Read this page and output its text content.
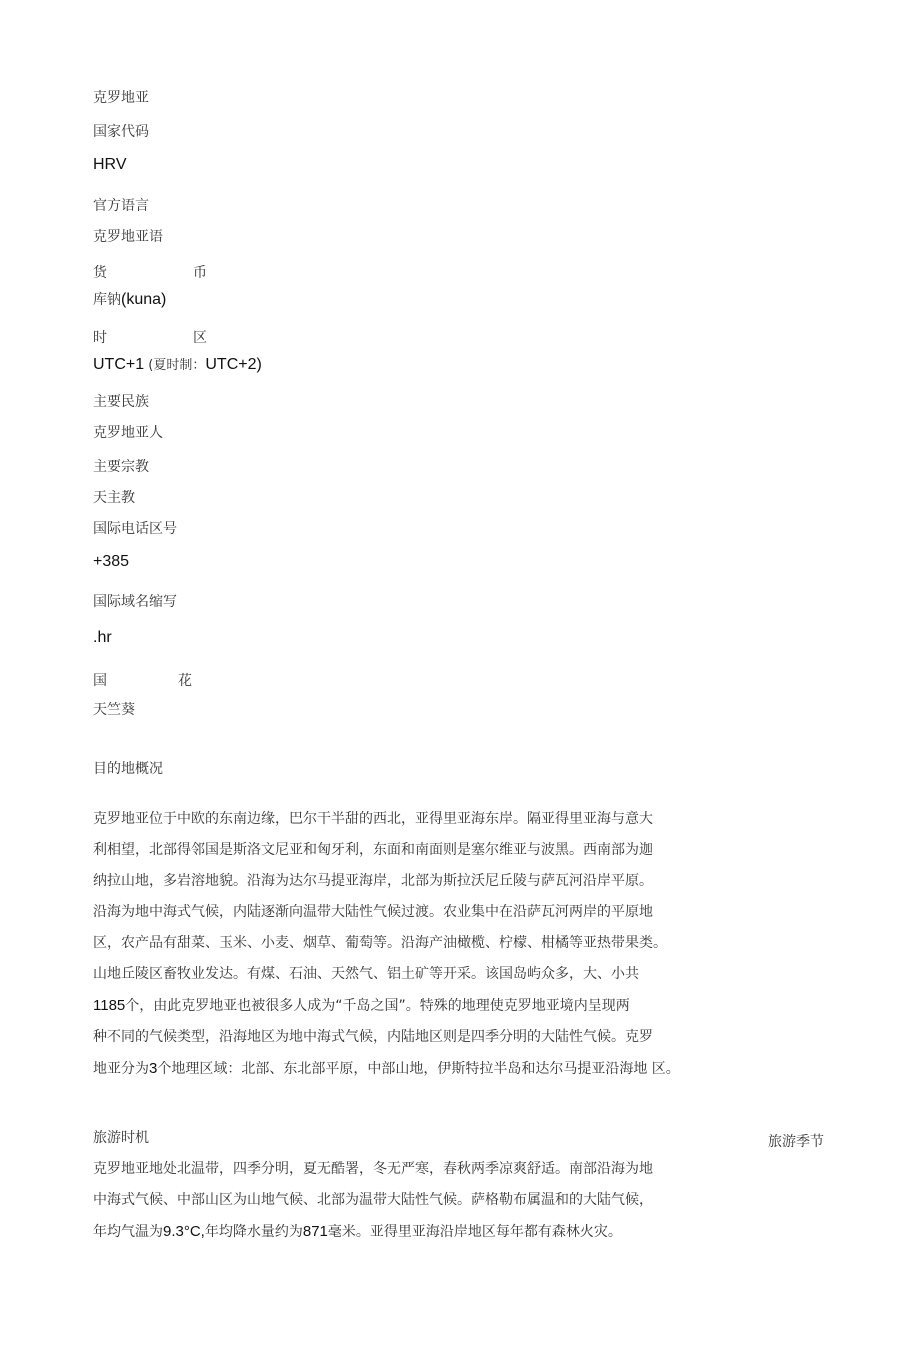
克罗地亚
国家代码
HRV
官方语言
克罗地亚语
货	币
库钠(kuna)
时	区
UTC+1 (夏时制：UTC+2)
主要民族
克罗地亚人
主要宗教
天主教
国际电话区号
+385
国际域名缩写
.hr
国	花
天竺葵
目的地概况
克罗地亚位于中欧的东南边缘，巴尔干半甜的西北，亚得里亚海东岸。隔亚得里亚海与意大
利相望，北部得邻国是斯洛文尼亚和匈牙利，东面和南面则是塞尔维亚与波黑。西南部为迦
纳拉山地，多岩溶地貌。沿海为达尔马提亚海岸，北部为斯拉沃尼丘陵与萨瓦河沿岸平原。
沿海为地中海式气候，内陆逐渐向温带大陆性气候过渡。农业集中在沿萨瓦河两岸的平原地
区，农产品有甜菜、玉米、小麦、烟草、葡萄等。沿海产油橄榄、柠檬、柑橘等亚热带果类。
山地丘陵区畜牧业发达。有煤、石油、天然气、铝土矿等开采。该国岛屿众多，大、小共
1185个，由此克罗地亚也被很多人成为“千岛之国”。特殊的地理使克罗地亚境内呈现两
种不同的气候类型，沿海地区为地中海式气候，内陆地区则是四季分明的大陆性气候。克罗
地亚分为3个地理区域：北部、东北部平原，中部山地，伊斯特拉半岛和达尔马提亚沿海地 区。
旅游时机	旅游季节
克罗地亚地处北温带，四季分明，夏无酷署，冬无严寒，春秋两季凉爽舒适。南部沿海为地
中海式气候、中部山区为山地气候、北部为温带大陆性气候。萨格勒布属温和的大陆气候，
年均气温为9.3°C,年均降水量约为871毫米。亚得里亚海沿岸地区每年都有森林火灾。
